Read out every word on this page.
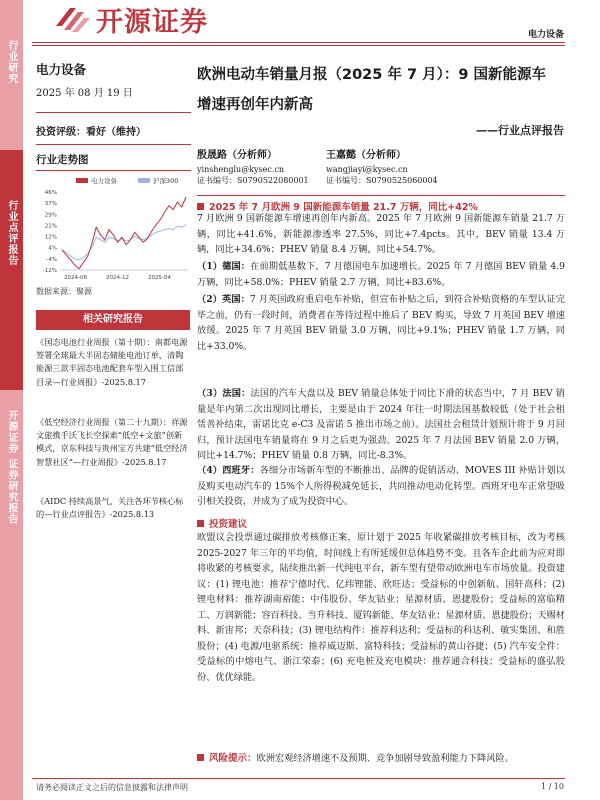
开源证券	电力设备
行业研究
行业点评报告
开源证券 证券研究报告
电力设备
2025 年 08 月 19 日
投资评级：看好（维持）
行业走势图
电力设备	沪深300
46%
37%
29%
21%
12%
4%
-4%
-12%
2024-08	2024-12	2025-04
数据来源：聚源
相关研究报告
《国态电池行业周报（第十期）：南都电源签署全球最大半固态储能电池订单，清陶能源三款半固态电池配套车型入围工信部目录—行业周报》-2025.8.17
《低空经济行业周报（第二十九期）：祥源文旅携手沃飞长空探索“低空+文旅”创新模式，京东科技与贵州宝方共建“低空经济智慧社区”—行业周报》-2025.8.17
《AIDC 持续高景气，关注各环节核心标的—行业点评报告》-2025.8.13
欧洲电动车销量月报（2025 年 7 月）：9 国新能源车
增速再创年内新高
——行业点评报告
殷晟路（分析师）
yinshenglu@kysec.cn
证书编号：S0790522080001
王嘉懿（分析师）
wangjiayi@kysec.cn
证书编号：S0790525060004
2025 年 7 月欧洲 9 国新能源车销量 21.7 万辆，同比+42%
7 月欧洲 9 国新能源车增速再创年内新高。2025 年 7 月欧洲 9 国新能源车销量 21.7 万辆，同比+41.6%，新能源渗透率 27.5%，同比+7.4pcts。其中，BEV 销量 13.4 万辆，同比+34.6%；PHEV 销量 8.4 万辆，同比+54.7%。
（1）德国：在前期低基数下，7 月德国电车加速增长。2025 年 7 月德国 BEV 销量 4.9 万辆，同比+58.0%；PHEV 销量 2.7 万辆，同比+83.6%。
（2）英国：7 月英国政府重启电车补贴，但宣布补贴之后，到符合补贴资格的车型认证完毕之前，仍有一段时间，消费者在等待过程中推后了 BEV 购买，导致 7 月英国 BEV 增速放缓。2025 年 7 月英国 BEV 销量 3.0 万辆，同比+9.1%；PHEV 销量 1.7 万辆，同比+33.0%。
（3）法国：法国的汽车大盘以及 BEV 销量总体处于同比下滑的状态当中，7 月 BEV 销量是年内第二次出现同比增长，主要是由于 2024 年往一时期法国基数较低（处于社会租赁善补结束，雷诺比克 e-C3 及雷诺 5 推出市场之前）。法国社会租赁计划预计将于 9 月回归，预计法国电车销量将在 9 月之后更为强劲。2025 年 7 月法国 BEV 销量 2.0 万辆，同比+14.7%；PHEV 销量 0.8 万辆，同比-8.3%。
（4）西班牙：各细分市场新车型的不断推出、品牌的促销活动、MOVES III 补贴计划以及购买电动汽车的 15%个人所得税减免延长，共同推动电动化转型。西班牙电车正常望吸引相关投资，并成为了成为投资中心。
投资建议
欧盟议会投票通过碳排放考核修正案，原计划于 2025 年收紧碳排放考核目标，改为考核 2025-2027 年三年的平均值，时间线上有所延缓但总体趋势不变。且各车企此前为应对即将收紧的考核要求，陆续推出新一代纯电平台，新车型有望带动欧洲电车市场放量。投资建议：(1) 锂电池：推荐宁德时代、亿纬锂能、欣旺达；受益标的中创新航、国轩高科；(2) 锂电材料：推荐湖南裕能；中伟股份、华友钴业；星源材质、恩捷股份；受益标的富临精工、万润新能；容百科技、当升科技、厦钨新能、华友钴业；星源材质、恩捷股份；天赐材料、新宙邦；天奈科技；(3) 锂电结构件：推荐科达利；受益标的科达利、敏实集团、和胜股份；(4) 电源/电驱系统：推荐威迈斯、富特科技；受益标的黄山谷捷；(5) 汽车安全件：受益标的中熔电气、浙江荣泰；(6) 充电桩及充电模块：推荐通合科技；受益标的盛弘股份、优优绿能。
风险提示： 欧洲宏观经济增速不及预期、竞争加剧导致盈利能力下降风险。
请务必阅读正文之后的信息披露和法律声明	1 / 10
